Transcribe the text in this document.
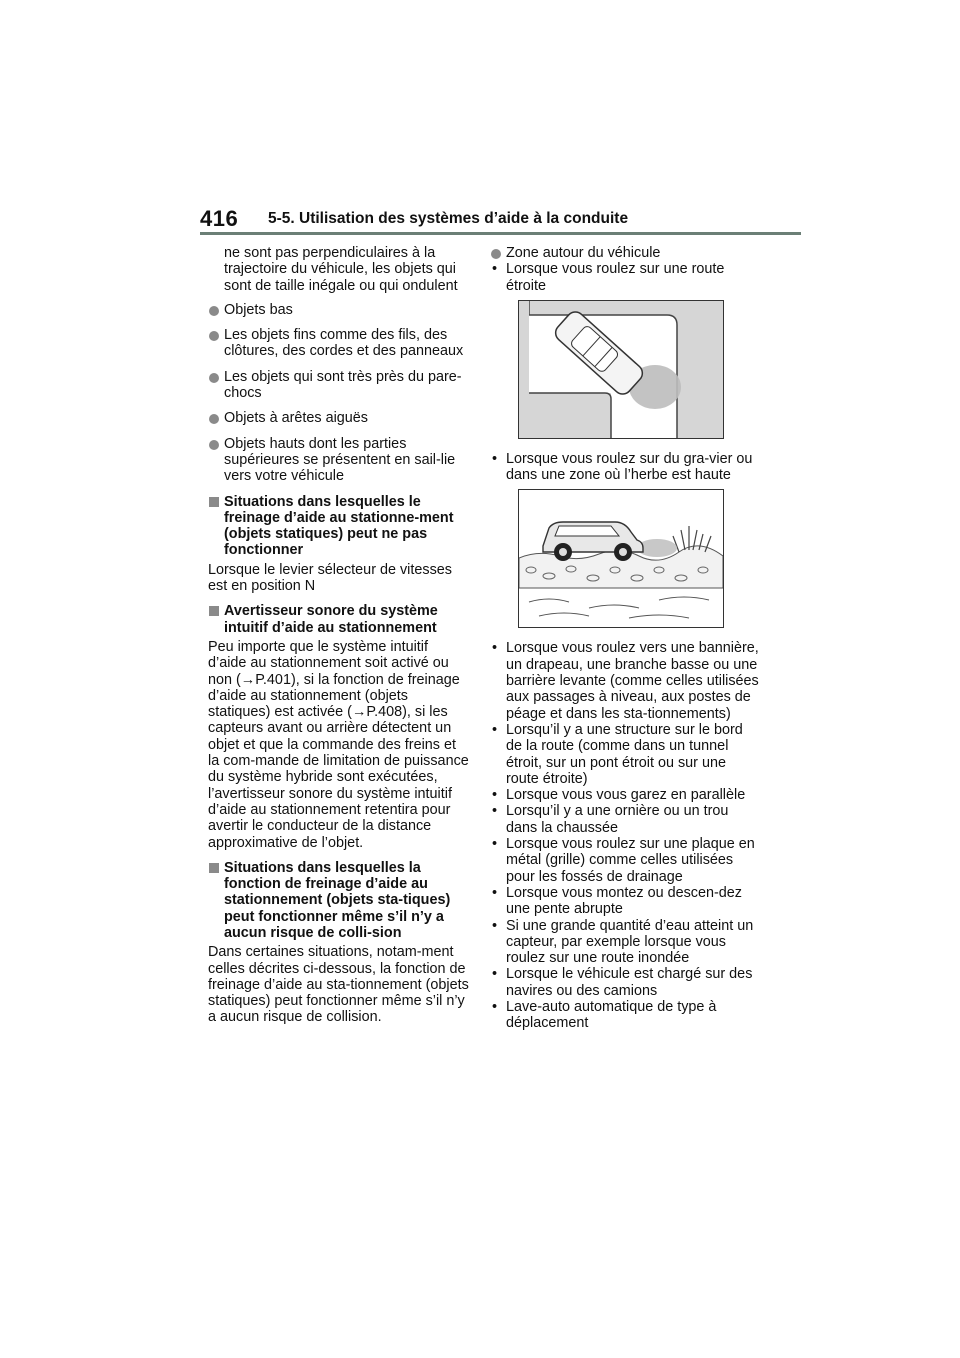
416 5-5. Utilisation des systèmes d’aide à la conduite

ne sont pas perpendiculaires à la trajectoire du véhicule, les objets qui sont de taille inégale ou qui ondulent

Objets bas
Les objets fins comme des fils, des clôtures, des cordes et des panneaux
Les objets qui sont très près du pare-chocs
Objets à arêtes aiguës
Objets hauts dont les parties supérieures se présentent en sail-lie vers votre véhicule
Situations dans lesquelles le freinage d’aide au stationne-ment (objets statiques) peut ne pas fonctionner

Lorsque le levier sélecteur de vitesses est en position N

Avertisseur sonore du système intuitif d’aide au stationnement

Peu importe que le système intuitif d’aide au stationnement soit activé ou non (→P.401), si la fonction de freinage d’aide au stationnement (objets statiques) est activée (→P.408), si les capteurs avant ou arrière détectent un objet et que la commande des freins et la com-mande de limitation de puissance du système hybride sont exécutées, l’avertisseur sonore du système intuitif d’aide au stationnement retentira pour avertir le conducteur de la distance approximative de l’objet.

Situations dans lesquelles la fonction de freinage d’aide au stationnement (objets sta-tiques) peut fonctionner même s’il n’y a aucun risque de colli-sion

Dans certaines situations, notam-ment celles décrites ci-dessous, la fonction de freinage d’aide au sta-tionnement (objets statiques) peut fonctionner même s’il n’y a aucun risque de collision.

Zone autour du véhicule
• Lorsque vous roulez sur une route étroite
• Lorsque vous roulez sur du gra-vier ou dans une zone où l’herbe est haute
• Lorsque vous roulez vers une bannière, un drapeau, une branche basse ou une barrière levante (comme celles utilisées aux passages à niveau, aux postes de péage et dans les sta-tionnements)
• Lorsqu’il y a une structure sur le bord de la route (comme dans un tunnel étroit, sur un pont étroit ou sur une route étroite)
• Lorsque vous vous garez en parallèle
• Lorsqu’il y a une ornière ou un trou dans la chaussée
• Lorsque vous roulez sur une plaque en métal (grille) comme celles utilisées pour les fossés de drainage
• Lorsque vous montez ou descen-dez une pente abrupte
• Si une grande quantité d’eau atteint un capteur, par exemple lorsque vous roulez sur une route inondée
• Lorsque le véhicule est chargé sur des navires ou des camions
• Lave-auto automatique de type à déplacement
